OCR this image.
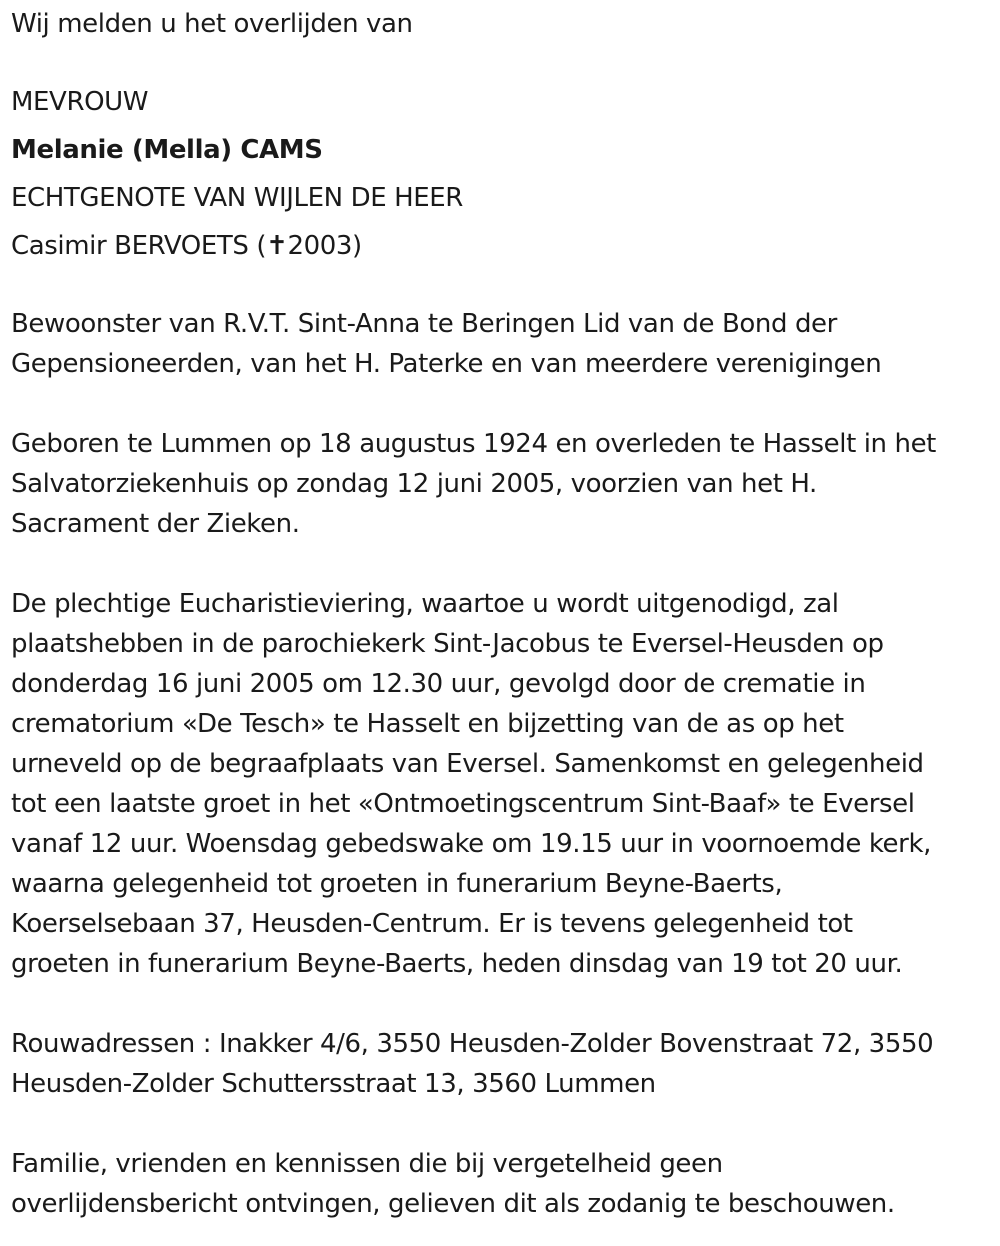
Wij melden u het overlijden van
MEVROUW
Melanie (Mella) CAMS
ECHTGENOTE VAN WIJLEN DE HEER
Casimir BERVOETS (✝2003)
Bewoonster van R.V.T. Sint-Anna te Beringen Lid van de Bond der
Gepensioneerden, van het H. Paterke en van meerdere verenigingen
Geboren te Lummen op 18 augustus 1924 en overleden te Hasselt in het
Salvatorziekenhuis op zondag 12 juni 2005, voorzien van het H.
Sacrament der Zieken.
De plechtige Eucharistieviering, waartoe u wordt uitgenodigd, zal
plaatshebben in de parochiekerk Sint-Jacobus te Eversel-Heusden op
donderdag 16 juni 2005 om 12.30 uur, gevolgd door de crematie in
crematorium «De Tesch» te Hasselt en bijzetting van de as op het
urneveld op de begraafplaats van Eversel. Samenkomst en gelegenheid
tot een laatste groet in het «Ontmoetingscentrum Sint-Baaf» te Eversel
vanaf 12 uur. Woensdag gebedswake om 19.15 uur in voornoemde kerk,
waarna gelegenheid tot groeten in funerarium Beyne-Baerts,
Koerselsebaan 37, Heusden-Centrum. Er is tevens gelegenheid tot
groeten in funerarium Beyne-Baerts, heden dinsdag van 19 tot 20 uur.
Rouwadressen : Inakker 4/6, 3550 Heusden-Zolder Bovenstraat 72, 3550
Heusden-Zolder Schuttersstraat 13, 3560 Lummen
Familie, vrienden en kennissen die bij vergetelheid geen
overlijdensbericht ontvingen, gelieven dit als zodanig te beschouwen.
